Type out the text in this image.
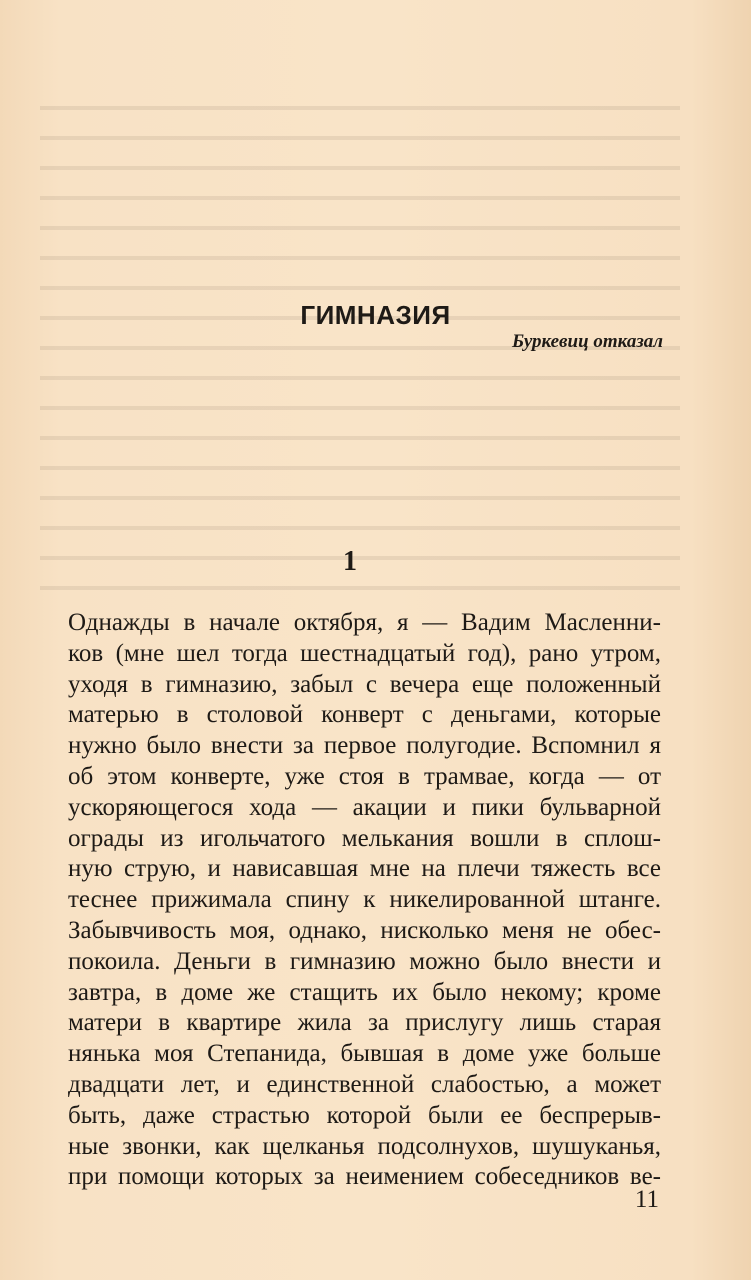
ГИМНАЗИЯ

Буркевиц отказал

1

Однажды в начале октября, я — Вадим Масленни-
ков (мне шел тогда шестнадцатый год), рано утром,
уходя в гимназию, забыл с вечера еще положенный
матерью в столовой конверт с деньгами, которые
нужно было внести за первое полугодие. Вспомнил я
об этом конверте, уже стоя в трамвае, когда — от
ускоряющегося хода — акации и пики бульварной
ограды из игольчатого мелькания вошли в сплош-
ную струю, и нависавшая мне на плечи тяжесть все
теснее прижимала спину к никелированной штанге.
Забывчивость моя, однако, нисколько меня не обес-
покоила. Деньги в гимназию можно было внести и
завтра, в доме же стащить их было некому; кроме
матери в квартире жила за прислугу лишь старая
нянька моя Степанида, бывшая в доме уже больше
двадцати лет, и единственной слабостью, а может
быть, даже страстью которой были ее беспрерыв-
ные звонки, как щелканья подсолнухов, шушуканья,
при помощи которых за неимением собеседников ве-

11
